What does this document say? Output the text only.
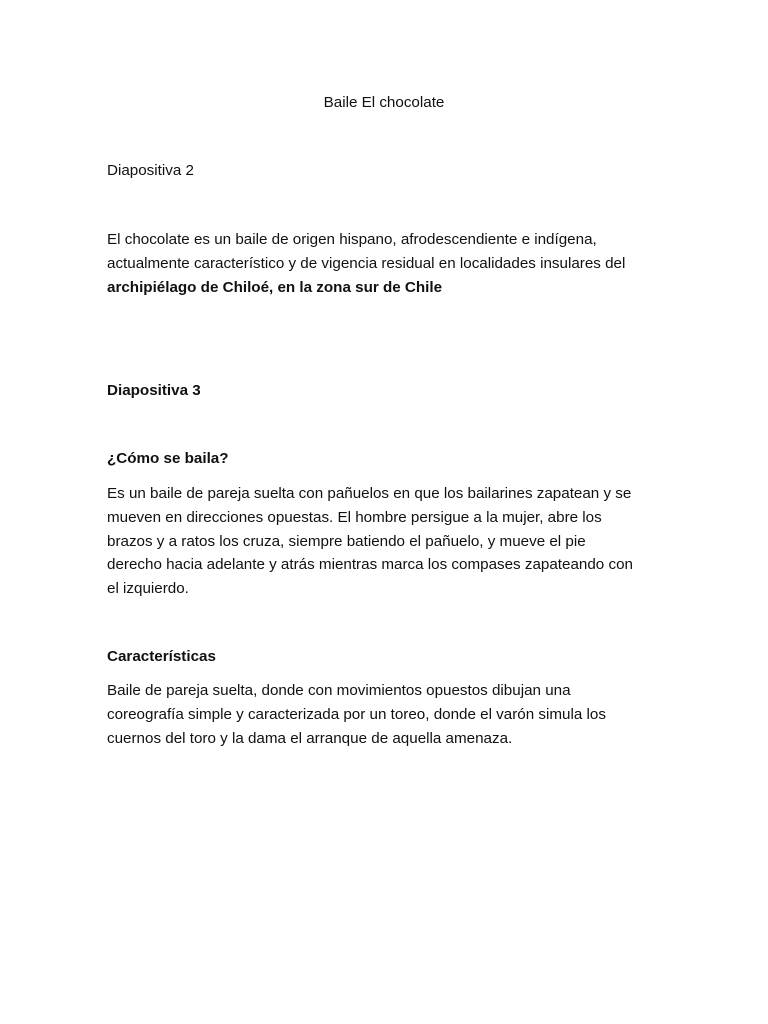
Baile El chocolate
Diapositiva 2
El chocolate es un baile de origen hispano, afrodescendiente e indígena,
actualmente característico y de vigencia residual en localidades insulares del
archipiélago de Chiloé, en la zona sur de Chile
Diapositiva 3
¿Cómo se baila?
Es un baile de pareja suelta con pañuelos en que los bailarines zapatean y se
mueven en direcciones opuestas. El hombre persigue a la mujer, abre los
brazos y a ratos los cruza, siempre batiendo el pañuelo, y mueve el pie
derecho hacia adelante y atrás mientras marca los compases zapateando con
el izquierdo.
Características
Baile de pareja suelta, donde con movimientos opuestos dibujan una
coreografía simple y caracterizada por un toreo, donde el varón simula los
cuernos del toro y la dama el arranque de aquella amenaza.
